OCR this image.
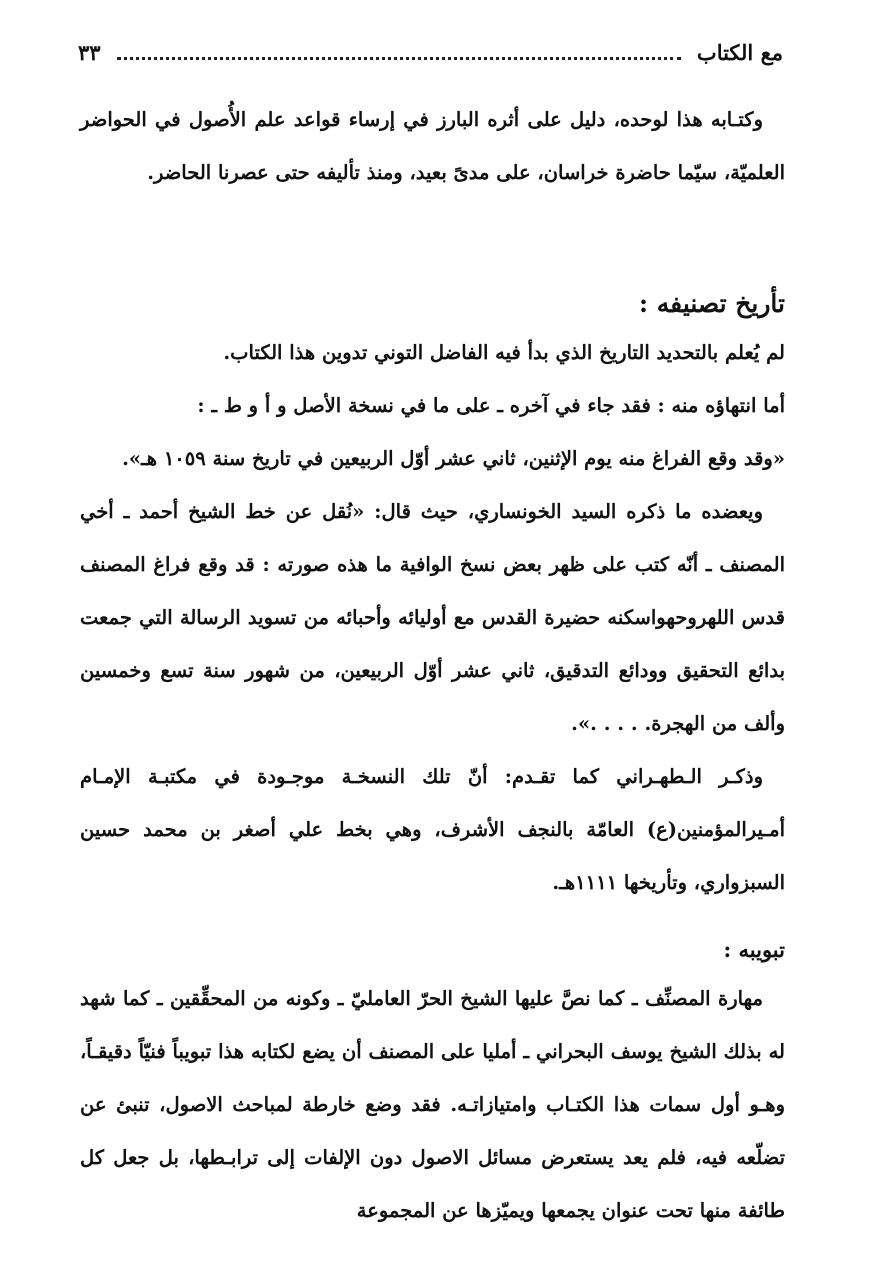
مع الكتاب
٣٣

وكتـابه هذا لوحده، دليل على أثره البارز في إرساء قواعد علم الأُصول في الحواضر العلميّة، سيّما حاضرة خراسان، على مدىً بعيد، ومنذ تأليفه حتى عصرنا الحاضر.

تأريخ تصنيفه :

لم يُعلم بالتحديد التاريخ الذي بدأ فيه الفاضل التوني تدوين هذا الكتاب.

أما انتهاؤه منه : فقد جاء في آخره ـ على ما في نسخة الأصل و أ و ط ـ :

«وقد وقع الفراغ منه يوم الإثنين، ثاني عشر أوّل الربيعين في تاريخ سنة ١٠٥٩ هـ».

ويعضده ما ذكره السيد الخونساري، حيث قال: «نُقل عن خط الشيخ أحمد ـ أخي المصنف ـ أنّه كتب على ظهر بعض نسخ الوافية ما هذه صورته : قد وقع فراغ المصنف قدس اللهروحهواسكنه حضيرة القدس مع أوليائه وأحبائه من تسويد الرسالة التي جمعت بدائع التحقيق وودائع التدقيق، ثاني عشر أوّل الربيعين، من شهور سنة تسع وخمسين وألف من الهجرة. . . . .».

وذكـر الـطهـراني كما تقـدم: أنّ تلك النسخـة موجـودة في مكتبـة الإمـام أمـيرالمؤمنين(ع) العامّة بالنجف الأشرف، وهي بخط علي أصغر بن محمد حسين السبزواري، وتأريخها ١١١١هـ.

تبويبه :

مهارة المصنِّف ـ كما نصَّ عليها الشيخ الحرّ العامليّ ـ وكونه من المحقِّقين ـ كما شهد له بذلك الشيخ يوسف البحراني ـ أمليا على المصنف أن يضع لكتابه هذا تبويباً فنيّاً دقيقـاً، وهـو أول سمات هذا الكتـاب وامتيازاتـه. فقد وضع خارطة لمباحث الاصول، تنبئ عن تضلّعه فيه، فلم يعد يستعرض مسائل الاصول دون الإلفات إلى ترابـطها، بل جعل كل طائفة منها تحت عنوان يجمعها ويميّزها عن المجموعة
